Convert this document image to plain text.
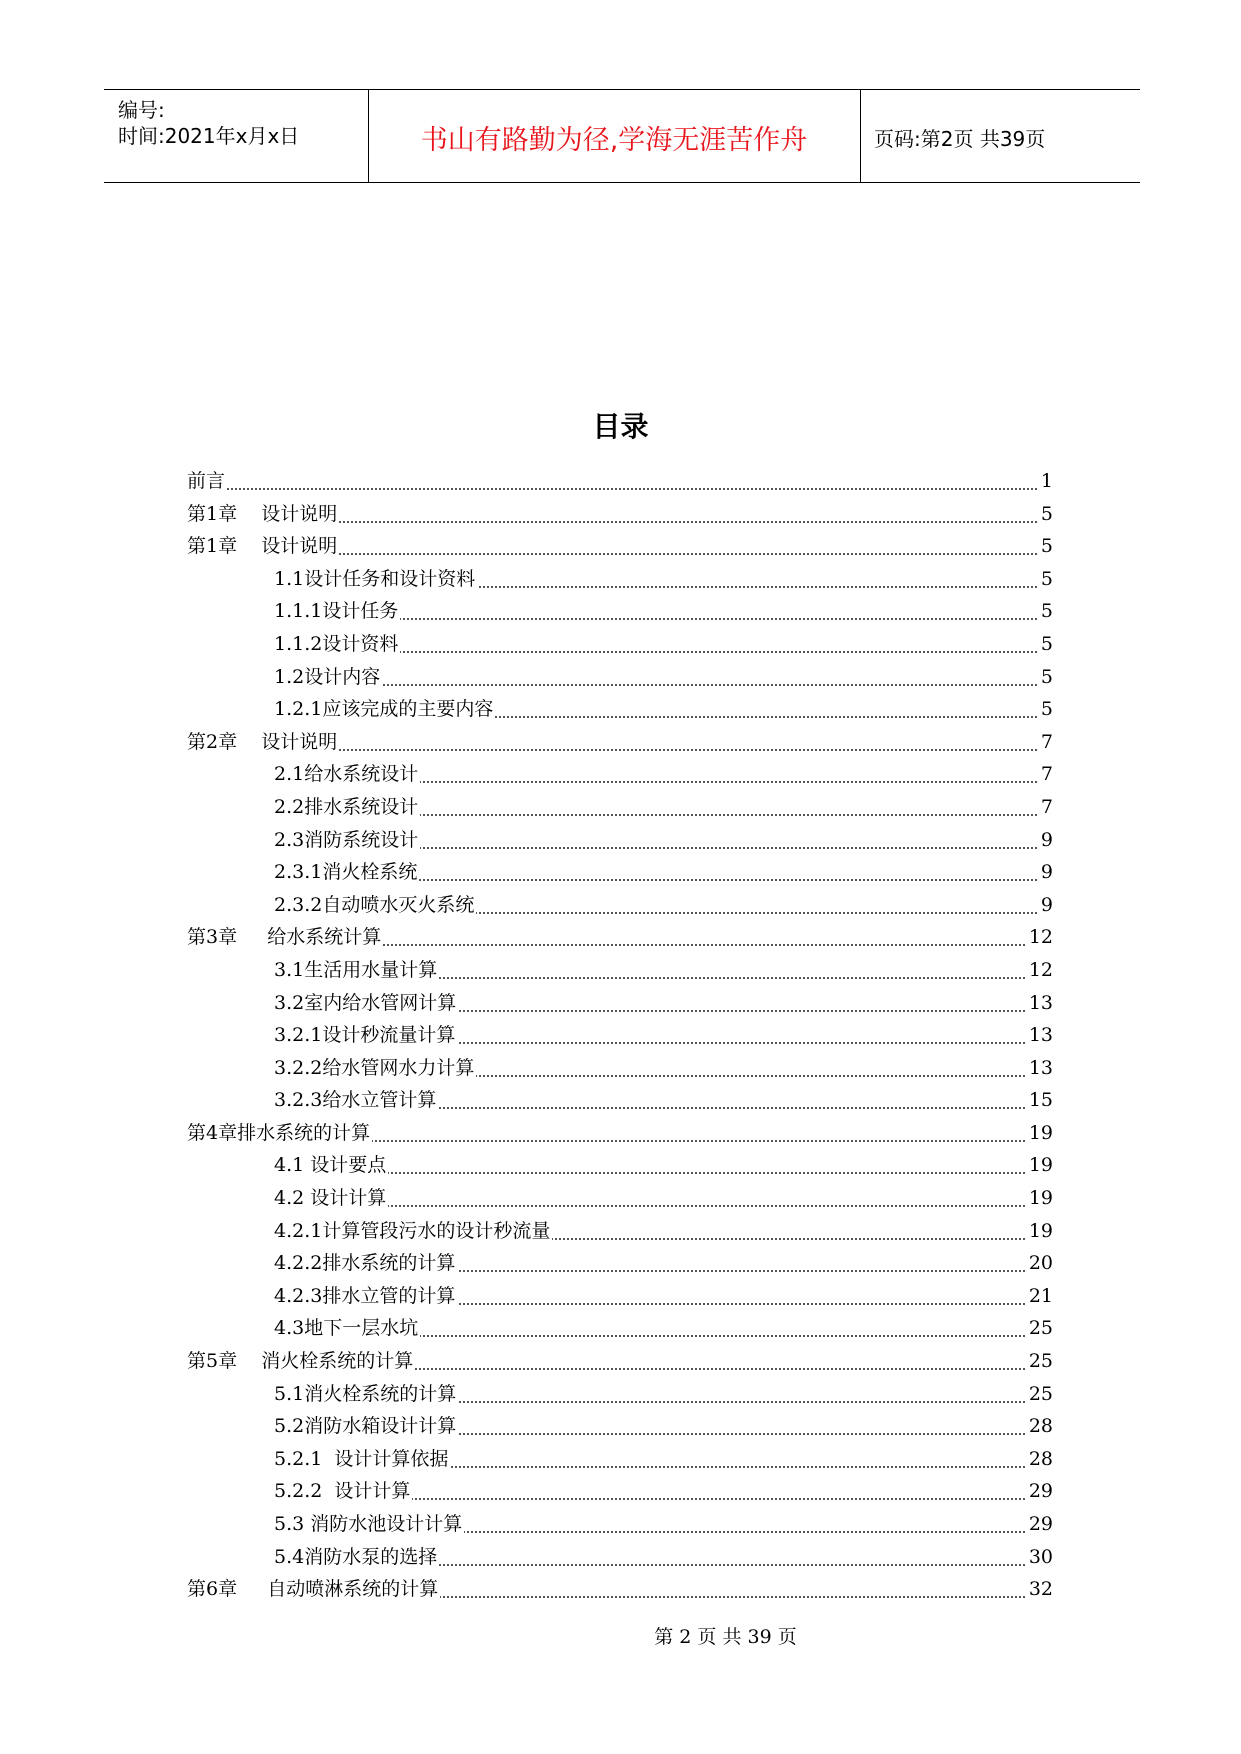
编号:
时间:2021年x月x日	书山有路勤为径,学海无涯苦作舟	页码:第2页 共39页
目录
前言	1
第1章    设计说明	5
第1章    设计说明	5
1.1设计任务和设计资料	5
1.1.1设计任务	5
1.1.2设计资料	5
1.2设计内容	5
1.2.1应该完成的主要内容	5
第2章    设计说明	7
2.1给水系统设计	7
2.2排水系统设计	7
2.3消防系统设计	9
2.3.1消火栓系统	9
2.3.2自动喷水灭火系统	9
第3章     给水系统计算	12
3.1生活用水量计算	12
3.2室内给水管网计算	13
3.2.1设计秒流量计算	13
3.2.2给水管网水力计算	13
3.2.3给水立管计算	15
第4章排水系统的计算	19
4.1 设计要点	19
4.2 设计计算	19
4.2.1计算管段污水的设计秒流量	19
4.2.2排水系统的计算	20
4.2.3排水立管的计算	21
4.3地下一层水坑	25
第5章    消火栓系统的计算	25
5.1消火栓系统的计算	25
5.2消防水箱设计计算	28
5.2.1  设计计算依据	28
5.2.2  设计计算	29
5.3 消防水池设计计算	29
5.4消防水泵的选择	30
第6章     自动喷淋系统的计算	32
第 2 页 共 39 页
